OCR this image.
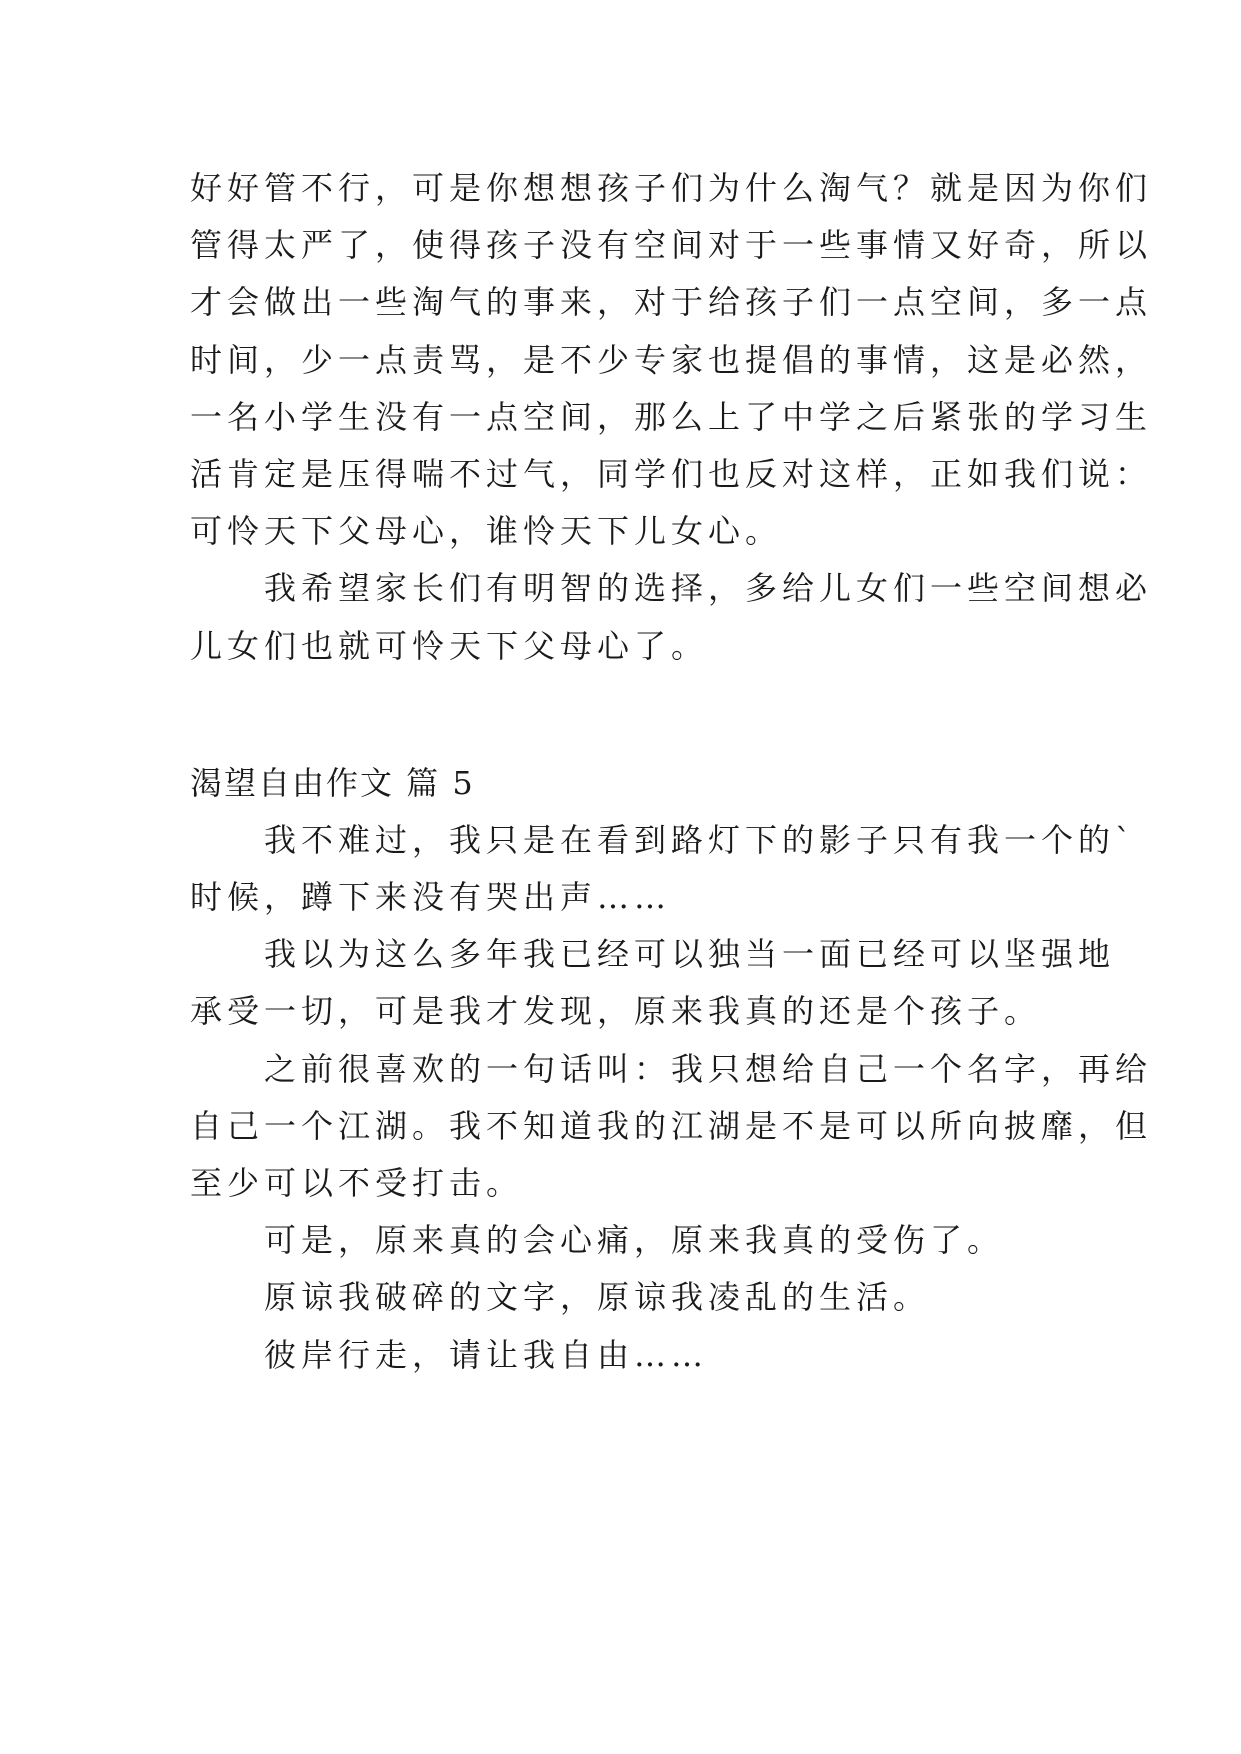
好好管不行，可是你想想孩子们为什么淘气？就是因为你们
管得太严了，使得孩子没有空间对于一些事情又好奇，所以
才会做出一些淘气的事来，对于给孩子们一点空间，多一点
时间，少一点责骂，是不少专家也提倡的事情，这是必然，
一名小学生没有一点空间，那么上了中学之后紧张的学习生
活肯定是压得喘不过气，同学们也反对这样，正如我们说：
可怜天下父母心，谁怜天下儿女心。
我希望家长们有明智的选择，多给儿女们一些空间想必
儿女们也就可怜天下父母心了。
渴望自由作文 篇 5
我不难过，我只是在看到路灯下的影子只有我一个的`
时候，蹲下来没有哭出声……
我以为这么多年我已经可以独当一面已经可以坚强地
承受一切，可是我才发现，原来我真的还是个孩子。
之前很喜欢的一句话叫：我只想给自己一个名字，再给
自己一个江湖。我不知道我的江湖是不是可以所向披靡，但
至少可以不受打击。
可是，原来真的会心痛，原来我真的受伤了。
原谅我破碎的文字，原谅我凌乱的生活。
彼岸行走，请让我自由……
